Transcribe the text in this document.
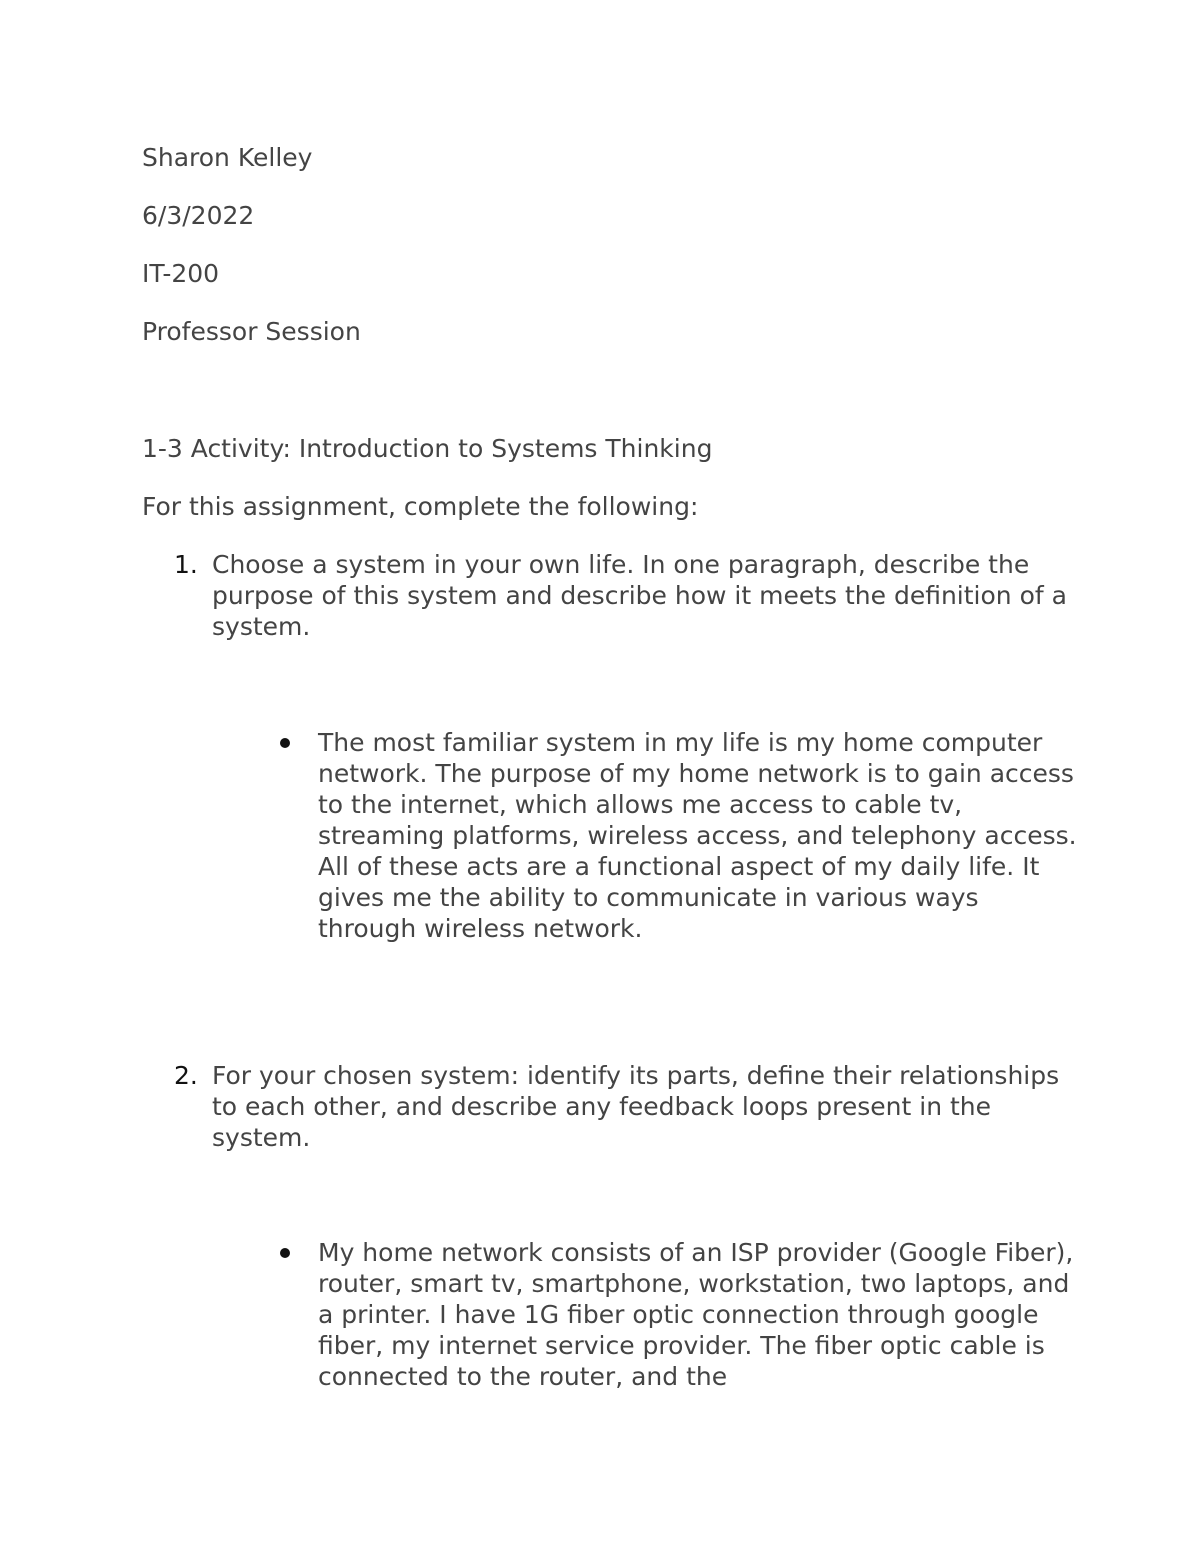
Sharon Kelley
6/3/2022
IT-200
Professor Session
1-3 Activity: Introduction to Systems Thinking
For this assignment, complete the following:
1. Choose a system in your own life. In one paragraph, describe the purpose of this system and describe how it meets the definition of a system.
The most familiar system in my life is my home computer network. The purpose of my home network is to gain access to the internet, which allows me access to cable tv, streaming platforms, wireless access, and telephony access. All of these acts are a functional aspect of my daily life. It gives me the ability to communicate in various ways through wireless network.
2. For your chosen system: identify its parts, define their relationships to each other, and describe any feedback loops present in the system.
My home network consists of an ISP provider (Google Fiber), router, smart tv, smartphone, workstation, two laptops, and a printer. I have 1G fiber optic connection through google fiber, my internet service provider. The fiber optic cable is connected to the router, and the
